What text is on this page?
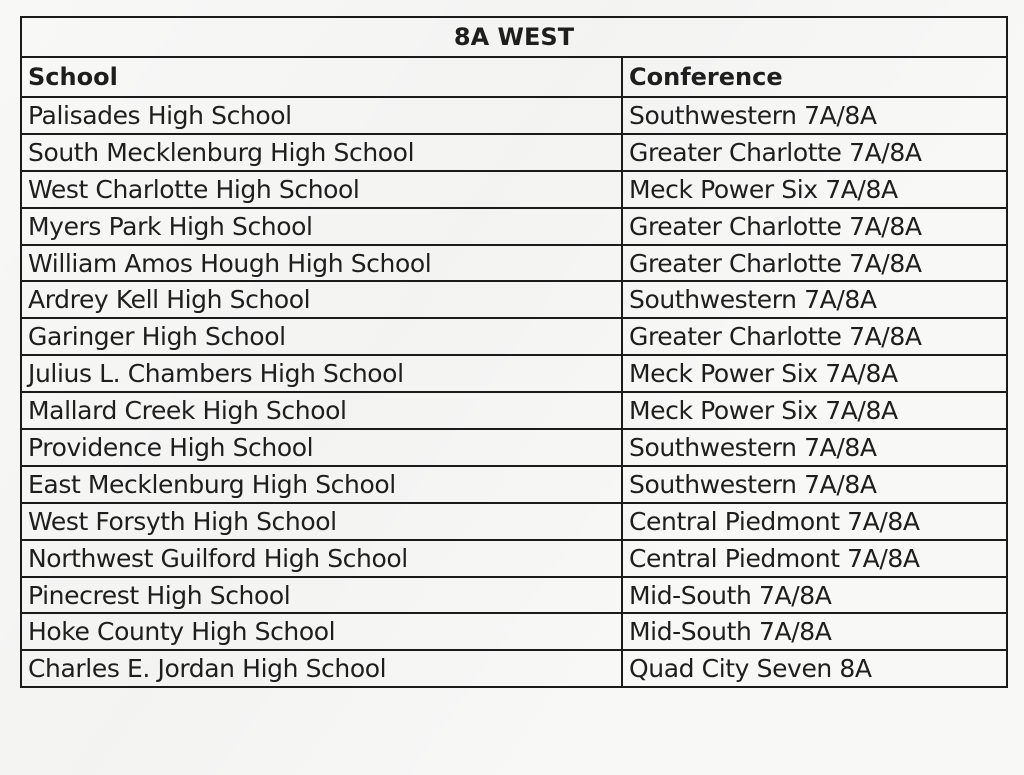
8A WEST	
School	Conference
Palisades High School	Southwestern 7A/8A
South Mecklenburg High School	Greater Charlotte 7A/8A
West Charlotte High School	Meck Power Six 7A/8A
Myers Park High School	Greater Charlotte 7A/8A
William Amos Hough High School	Greater Charlotte 7A/8A
Ardrey Kell High School	Southwestern 7A/8A
Garinger High School	Greater Charlotte 7A/8A
Julius L. Chambers High School	Meck Power Six 7A/8A
Mallard Creek High School	Meck Power Six 7A/8A
Providence High School	Southwestern 7A/8A
East Mecklenburg High School	Southwestern 7A/8A
West Forsyth High School	Central Piedmont 7A/8A
Northwest Guilford High School	Central Piedmont 7A/8A
Pinecrest High School	Mid-South 7A/8A
Hoke County High School	Mid-South 7A/8A
Charles E. Jordan High School	Quad City Seven 8A
